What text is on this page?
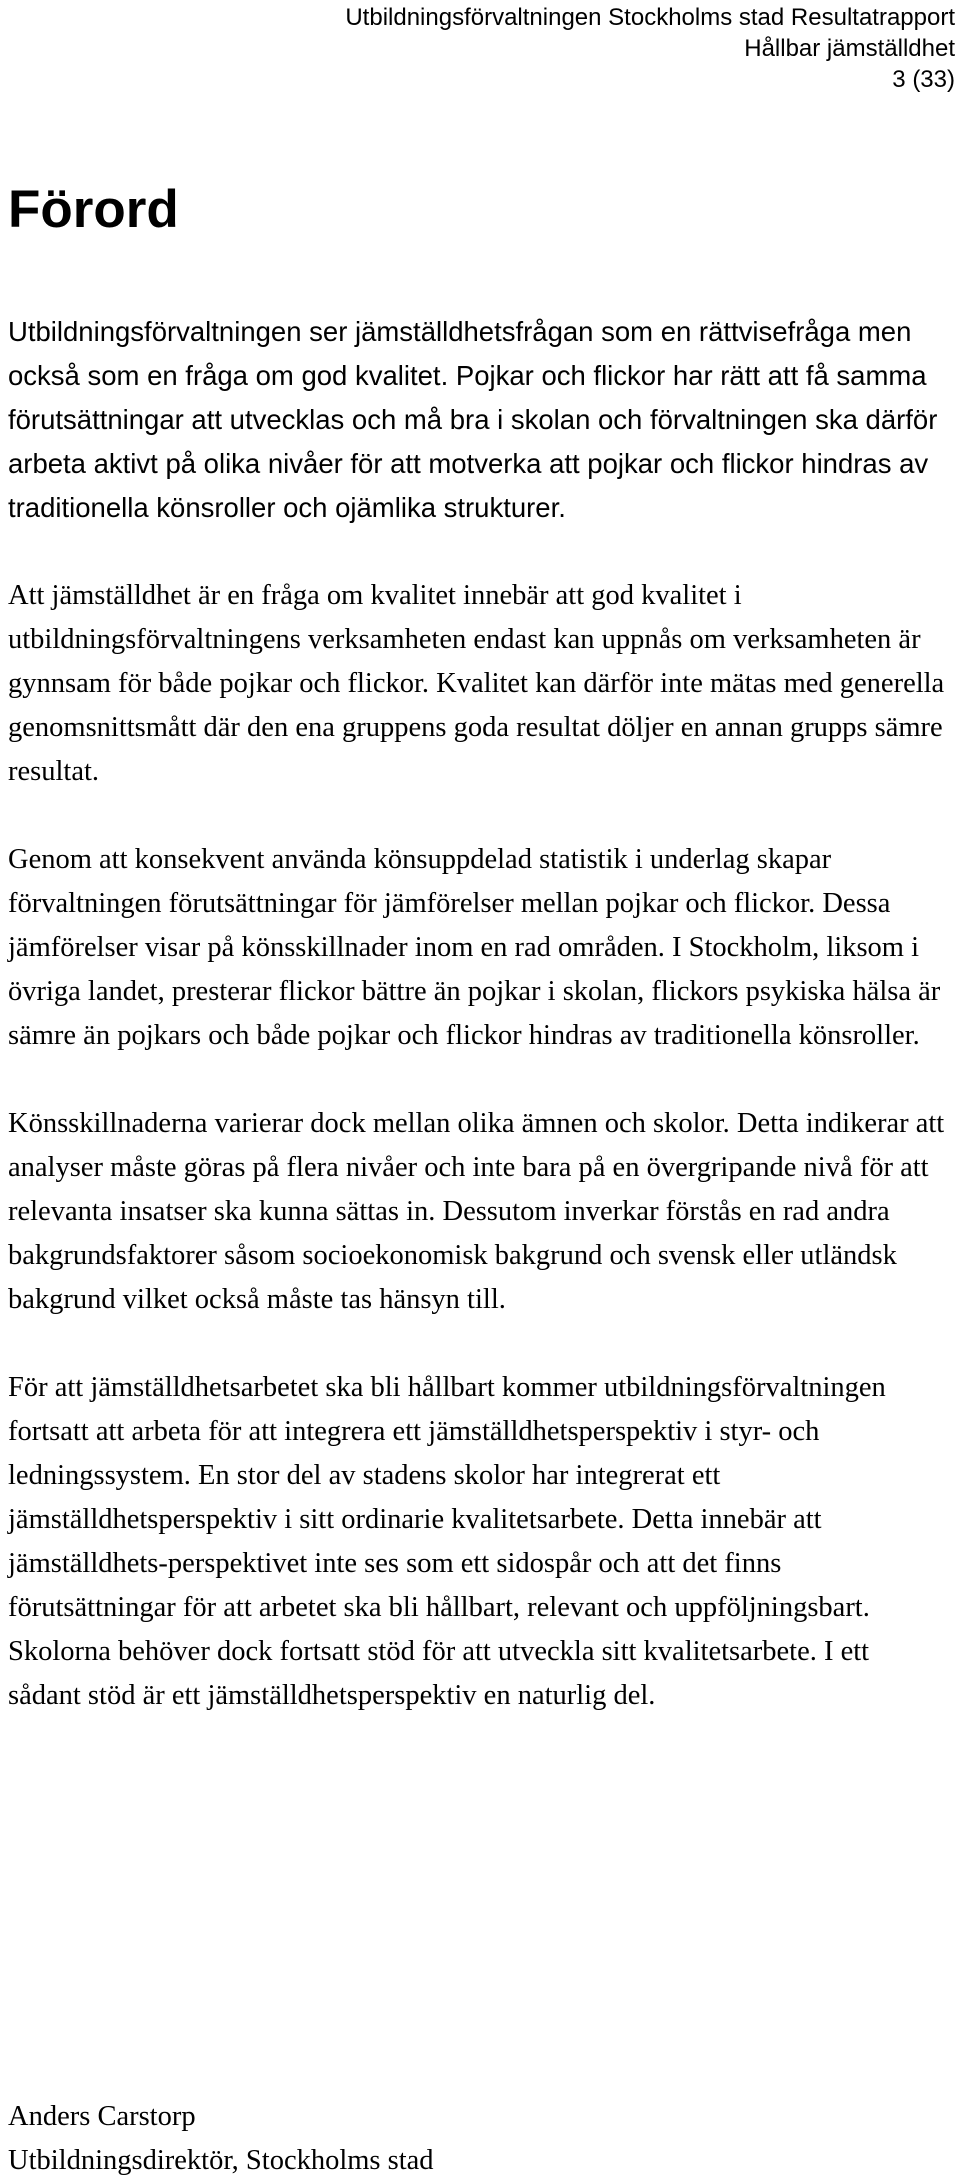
Utbildningsförvaltningen Stockholms stad Resultatrapport
Hållbar jämställdhet
3 (33)
Förord

Utbildningsförvaltningen ser jämställdhetsfrågan som en rättvisefråga men också som en fråga om god kvalitet. Pojkar och flickor har rätt att få samma förutsättningar att utvecklas och må bra i skolan och förvaltningen ska därför arbeta aktivt på olika nivåer för att motverka att pojkar och flickor hindras av traditionella könsroller och ojämlika strukturer.

Att jämställdhet är en fråga om kvalitet innebär att god kvalitet i utbildningsförvaltningens verksamheten endast kan uppnås om verksamheten är gynnsam för både pojkar och flickor. Kvalitet kan därför inte mätas med generella genomsnittsmått där den ena gruppens goda resultat döljer en annan grupps sämre resultat.

Genom att konsekvent använda könsuppdelad statistik i underlag skapar förvaltningen förutsättningar för jämförelser mellan pojkar och flickor. Dessa jämförelser visar på könsskillnader inom en rad områden. I Stockholm, liksom i övriga landet, presterar flickor bättre än pojkar i skolan, flickors psykiska hälsa är sämre än pojkars och både pojkar och flickor hindras av traditionella könsroller.

Könsskillnaderna varierar dock mellan olika ämnen och skolor. Detta indikerar att analyser måste göras på flera nivåer och inte bara på en övergripande nivå för att relevanta insatser ska kunna sättas in. Dessutom inverkar förstås en rad andra bakgrundsfaktorer såsom socioekonomisk bakgrund och svensk eller utländsk bakgrund vilket också måste tas hänsyn till.

För att jämställdhetsarbetet ska bli hållbart kommer utbildningsförvaltningen fortsatt att arbeta för att integrera ett jämställdhetsperspektiv i styr- och ledningssystem. En stor del av stadens skolor har integrerat ett jämställdhetsperspektiv i sitt ordinarie kvalitetsarbete. Detta innebär att jämställdhets-perspektivet inte ses som ett sidospår och att det finns förutsättningar för att arbetet ska bli hållbart, relevant och uppföljningsbart. Skolorna behöver dock fortsatt stöd för att utveckla sitt kvalitetsarbete. I ett sådant stöd är ett jämställdhetsperspektiv en naturlig del.

Anders Carstorp
Utbildningsdirektör, Stockholms stad
